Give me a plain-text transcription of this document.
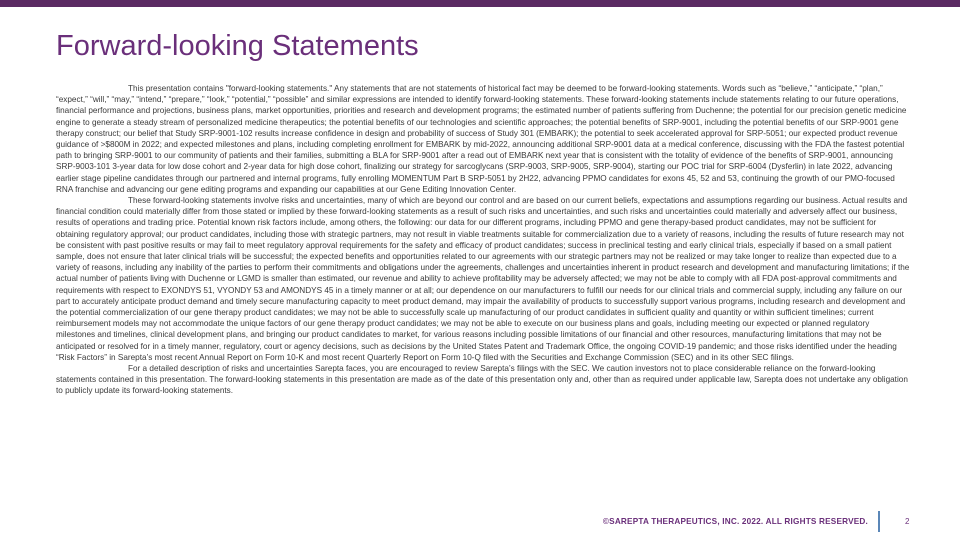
Forward-looking Statements

This presentation contains "forward-looking statements." Any statements that are not statements of historical fact may be deemed to be forward-looking statements. Words such as “believe,” “anticipate,” “plan,” “expect,” “will,” “may,” “intend,” “prepare,” “look,” “potential,” “possible” and similar expressions are intended to identify forward-looking statements. These forward-looking statements include statements relating to our future operations, financial performance and projections, business plans, market opportunities, priorities and research and development programs; the estimated number of patients suffering from Duchenne; the potential for our precision genetic medicine engine to generate a steady stream of personalized medicine therapeutics; the potential benefits of our technologies and scientific approaches; the potential benefits of SRP-9001, including the potential benefits of our SRP-9001 gene therapy construct; our belief that Study SRP-9001-102 results increase confidence in design and probability of success of Study 301 (EMBARK); the potential to seek accelerated approval for SRP-5051; our expected product revenue guidance of >$800M in 2022; and expected milestones and plans, including completing enrollment for EMBARK by mid-2022, announcing additional SRP-9001 data at a medical conference, discussing with the FDA the fastest potential path to bringing SRP-9001 to our community of patients and their families, submitting a BLA for SRP-9001 after a read out of EMBARK next year that is consistent with the totality of evidence of the benefits of SRP-9001, announcing SRP-9003-101 3-year data for low dose cohort and 2-year data for high dose cohort, finalizing our strategy for sarcoglycans (SRP-9003, SRP-9005, SRP-9004), starting our POC trial for SRP-6004 (Dysferlin) in late 2022, advancing earlier stage pipeline candidates through our partnered and internal programs, fully enrolling MOMENTUM Part B SRP-5051 by 2H22, advancing PPMO candidates for exons 45, 52 and 53, continuing the growth of our PMO-focused RNA franchise and advancing our gene editing programs and expanding our capabilities at our Gene Editing Innovation Center.

These forward-looking statements involve risks and uncertainties, many of which are beyond our control and are based on our current beliefs, expectations and assumptions regarding our business. Actual results and financial condition could materially differ from those stated or implied by these forward-looking statements as a result of such risks and uncertainties, and such risks and uncertainties could materially and adversely affect our business, results of operations and trading price. Potential known risk factors include, among others, the following: our data for our different programs, including PPMO and gene therapy-based product candidates, may not be sufficient for obtaining regulatory approval; our product candidates, including those with strategic partners, may not result in viable treatments suitable for commercialization due to a variety of reasons, including the results of future research may not be consistent with past positive results or may fail to meet regulatory approval requirements for the safety and efficacy of product candidates; success in preclinical testing and early clinical trials, especially if based on a small patient sample, does not ensure that later clinical trials will be successful; the expected benefits and opportunities related to our agreements with our strategic partners may not be realized or may take longer to realize than expected due to a variety of reasons, including any inability of the parties to perform their commitments and obligations under the agreements, challenges and uncertainties inherent in product research and development and manufacturing limitations; if the actual number of patients living with Duchenne or LGMD is smaller than estimated, our revenue and ability to achieve profitability may be adversely affected; we may not be able to comply with all FDA post-approval commitments and requirements with respect to EXONDYS 51, VYONDY 53 and AMONDYS 45 in a timely manner or at all; our dependence on our manufacturers to fulfill our needs for our clinical trials and commercial supply, including any failure on our part to accurately anticipate product demand and timely secure manufacturing capacity to meet product demand, may impair the availability of products to successfully support various programs, including research and development and the potential commercialization of our gene therapy product candidates; we may not be able to successfully scale up manufacturing of our product candidates in sufficient quality and quantity or within sufficient timelines; current reimbursement models may not accommodate the unique factors of our gene therapy product candidates; we may not be able to execute on our business plans and goals, including meeting our expected or planned regulatory milestones and timelines, clinical development plans, and bringing our product candidates to market, for various reasons including possible limitations of our financial and other resources, manufacturing limitations that may not be anticipated or resolved for in a timely manner, regulatory, court or agency decisions, such as decisions by the United States Patent and Trademark Office, the ongoing COVID-19 pandemic; and those risks identified under the heading “Risk Factors” in Sarepta’s most recent Annual Report on Form 10-K and most recent Quarterly Report on Form 10-Q filed with the Securities and Exchange Commission (SEC) and in its other SEC filings.

For a detailed description of risks and uncertainties Sarepta faces, you are encouraged to review Sarepta’s filings with the SEC. We caution investors not to place considerable reliance on the forward-looking statements contained in this presentation. The forward-looking statements in this presentation are made as of the date of this presentation only and, other than as required under applicable law, Sarepta does not undertake any obligation to publicly update its forward-looking statements.

©SAREPTA THERAPEUTICS, INC. 2022. ALL RIGHTS RESERVED.	2
